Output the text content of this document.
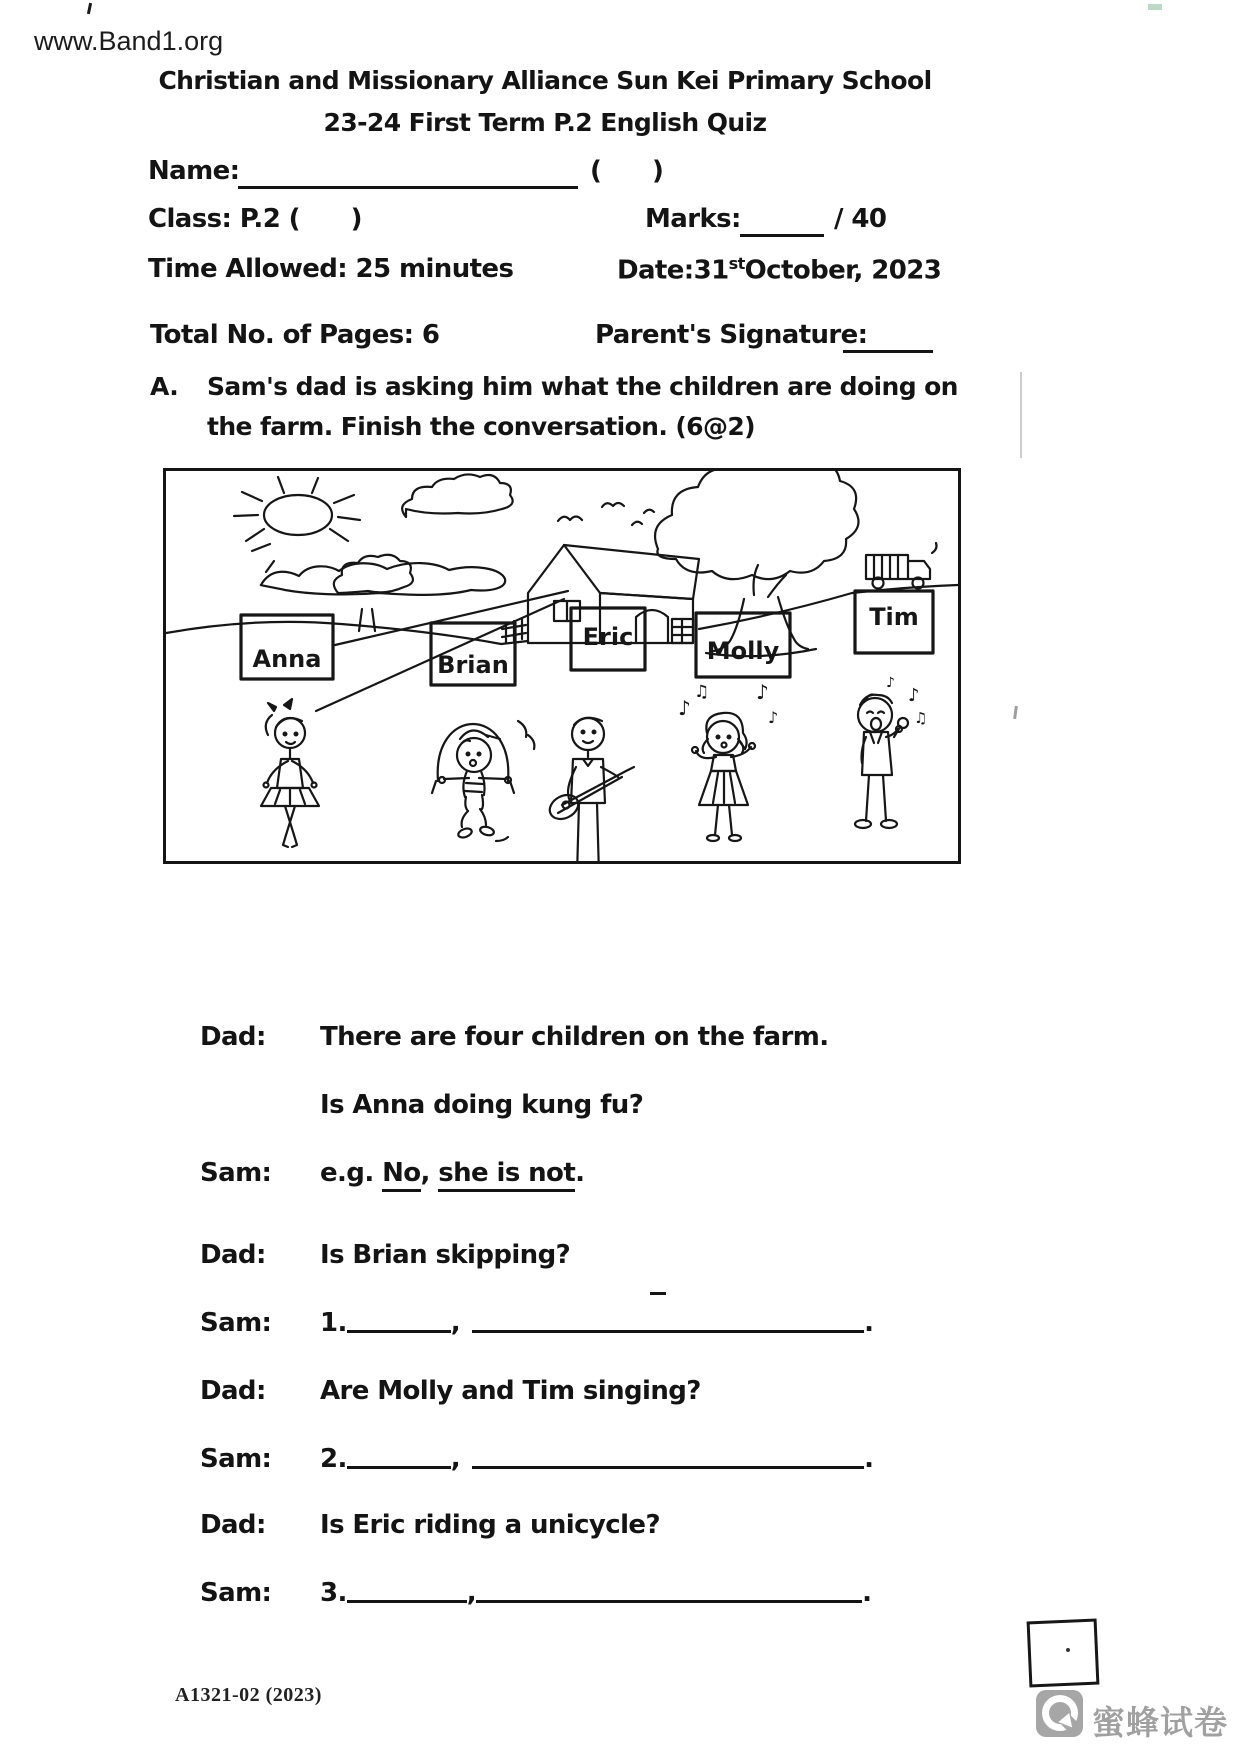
www.Band1.org
Christian and Missionary Alliance Sun Kei Primary School
23-24 First Term P.2 English Quiz
Name:	(      )
Class: P.2 (      )	Marks:	/ 40
Time Allowed: 25 minutes	Date:31stOctober, 2023
Total No. of Pages: 6	Parent's Signature:
A. Sam's dad is asking him what the children are doing on
the farm. Finish the conversation. (6@2)
♪
♫ ♪
♪
♪
♫
♪
Anna	Brian
Eric	Molly
Tim
Dad: There are four children on the farm.
Is Anna doing kung fu?
Sam: e.g. No, she is not.
Dad: Is Brian skipping?
Sam: 1.	,	.
Dad: Are Molly and Tim singing?
Sam: 2.	,	.
Dad: Is Eric riding a unicycle?
Sam: 3.	,	.
A1321-02 (2023)
蜜蜂试卷
